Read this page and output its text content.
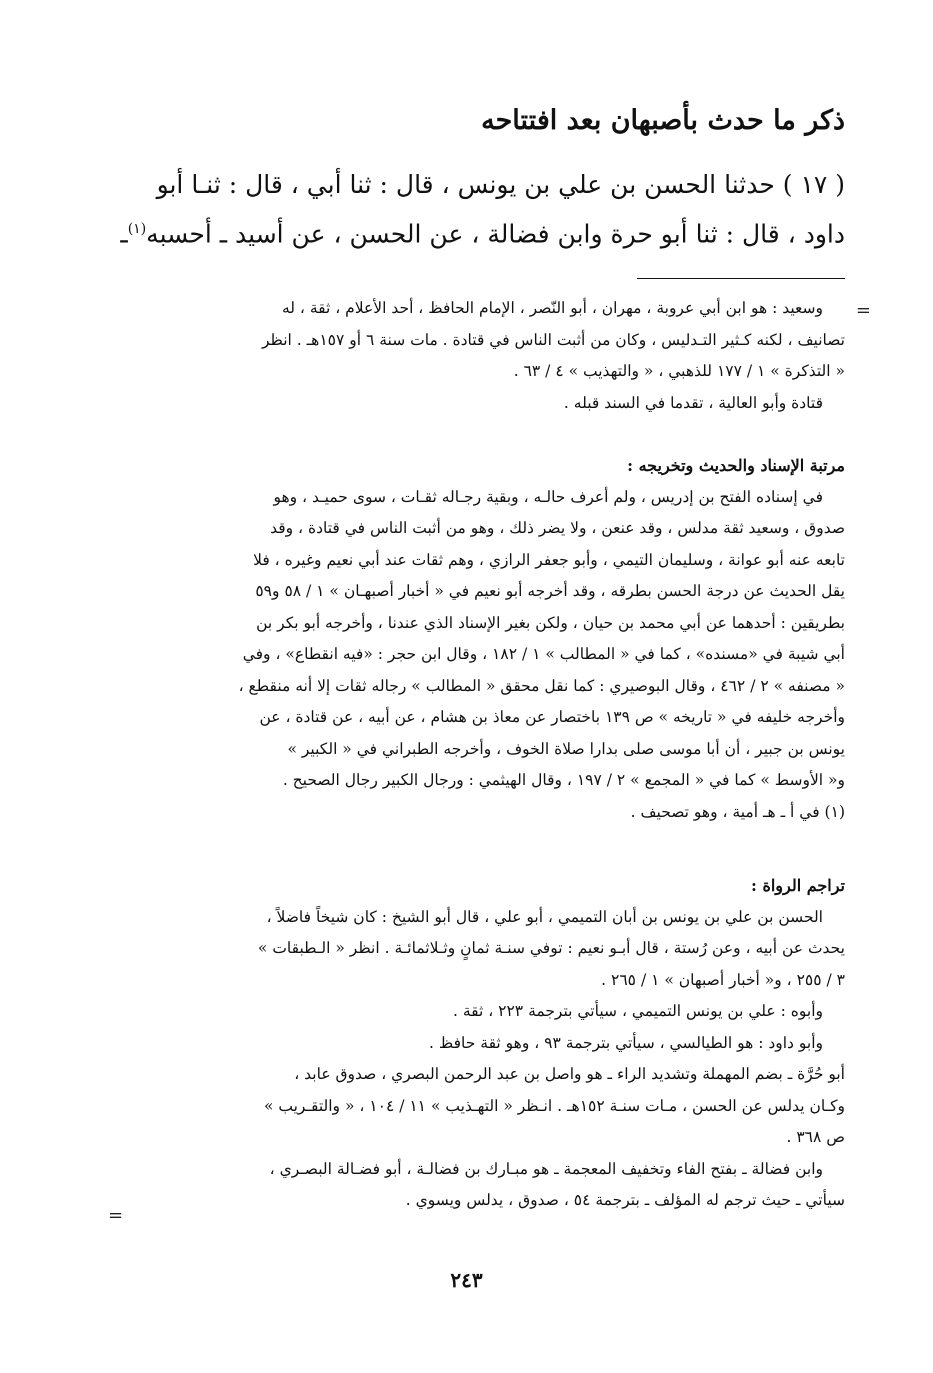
ذكر ما حدث بأصبهان بعد افتتاحه
( ١٧ ) حدثنا الحسن بن علي بن يونس ، قال : ثنا أبي ، قال : ثنـا أبو
داود ، قال : ثنا أبو حرة وابن فضالة ، عن الحسن ، عن أسيد ـ أحسبه$^{(١)}$ـ
=
وسعيد : هو ابن أبي عروبة ، مهران ، أبو النّصر ، الإمام الحافظ ، أحد الأعلام ، ثقة ، له
تصانيف ، لكنه كـثير التـدليس ، وكان من أثبت الناس في قتادة . مات سنة ٦ أو ١٥٧هـ . انظر
« التذكرة » ١ / ١٧٧ للذهبي ، « والتهذيب » ٤ / ٦٣ .
قتادة وأبو العالية ، تقدما في السند قبله .
مرتبة الإسناد والحديث وتخريجه :
في إسناده الفتح بن إدريس ، ولم أعرف حالـه ، وبقية رجـاله ثقـات ، سوى حميـد ، وهو
صدوق ، وسعيد ثقة مدلس ، وقد عنعن ، ولا يضر ذلك ، وهو من أثبت الناس في قتادة ، وقد
تابعه عنه أبو عوانة ، وسليمان التيمي ، وأبو جعفر الرازي ، وهم ثقات عند أبي نعيم وغيره ، فلا
يقل الحديث عن درجة الحسن بطرقه ، وقد أخرجه أبو نعيم في « أخبار أصبهـان » ١ / ٥٨ و٥٩
بطريقين : أحدهما عن أبي محمد بن حيان ، ولكن بغير الإسناد الذي عندنا ، وأخرجه أبو بكر بن
أبي شيبة في «مسنده» ، كما في « المطالب » ١ / ١٨٢ ، وقال ابن حجر : «فيه انقطاع» ، وفي
« مصنفه » ٢ / ٤٦٢ ، وقال البوصيري : كما نقل محقق « المطالب » رجاله ثقات إلا أنه منقطع ،
وأخرجه خليفه في « تاريخه » ص ١٣٩ باختصار عن معاذ بن هشام ، عن أبيه ، عن قتادة ، عن
يونس بن جبير ، أن أبا موسى صلى بدارا صلاة الخوف ، وأخرجه الطبراني في « الكبير »
و« الأوسط » كما في « المجمع » ٢ / ١٩٧ ، وقال الهيثمي : ورجال الكبير رجال الصحيح .
(١) في أ ـ هـ أمية ، وهو تصحيف .
تراجم الرواة :
الحسن بن علي بن يونس بن أبان التميمي ، أبو علي ، قال أبو الشيخ : كان شيخاً فاضلاً ،
يحدث عن أبيه ، وعن رُستة ، قال أبـو نعيم : توفي سنـة ثمانٍ وثـلاثمائـة . انظر « الـطبقات »
٣ / ٢٥٥ ، و« أخبار أصبهان » ١ / ٢٦٥ .
وأبوه : علي بن يونس التميمي ، سيأتي بترجمة ٢٢٣ ، ثقة .
وأبو داود : هو الطيالسي ، سيأتي بترجمة ٩٣ ، وهو ثقة حافظ .
أبو حُرَّة ـ بضم المهملة وتشديد الراء ـ هو واصل بن عبد الرحمن البصري ، صدوق عابد ،
وكـان يدلس عن الحسن ، مـات سنـة ١٥٢هـ . انـظر « التهـذيب » ١١ / ١٠٤ ، « والتقـريب »
ص ٣٦٨ .
وابن فضالة ـ بفتح الفاء وتخفيف المعجمة ـ هو مبـارك بن فضالـة ، أبو فضـالة البصـري ،
سيأتي ـ حيث ترجم له المؤلف ـ بترجمة ٥٤ ، صدوق ، يدلس ويسوي .
=
٢٤٣
